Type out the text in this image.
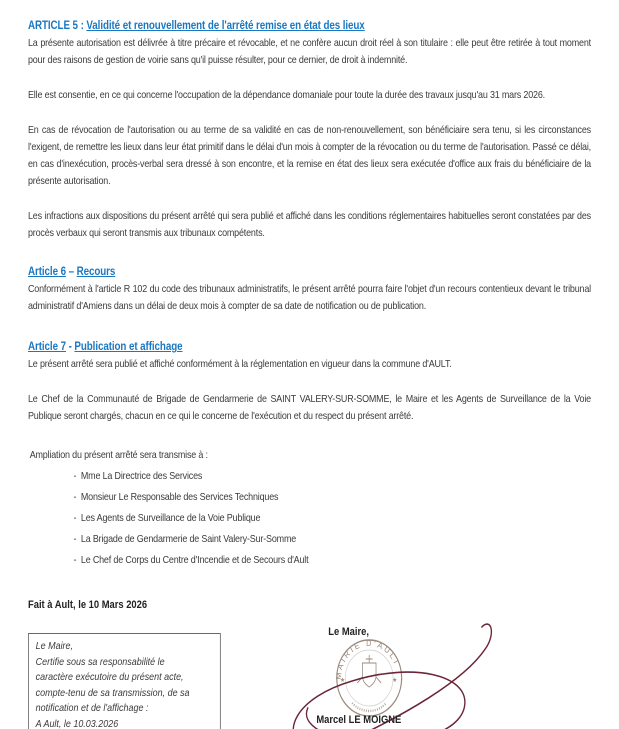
ARTICLE 5 : Validité et renouvellement de l'arrêté remise en état des lieux

La présente autorisation est délivrée à titre précaire et révocable, et ne confère aucun droit réel à son titulaire : elle peut être retirée à tout moment pour des raisons de gestion de voirie sans qu'il puisse résulter, pour ce dernier, de droit à indemnité.

Elle est consentie, en ce qui concerne l'occupation de la dépendance domaniale pour toute la durée des travaux jusqu'au 31 mars 2026.

En cas de révocation de l'autorisation ou au terme de sa validité en cas de non-renouvellement, son bénéficiaire sera tenu, si les circonstances l'exigent, de remettre les lieux dans leur état primitif dans le délai d'un mois à compter de la révocation ou du terme de l'autorisation. Passé ce délai, en cas d'inexécution, procès-verbal sera dressé à son encontre, et la remise en état des lieux sera exécutée d'office aux frais du bénéficiaire de la présente autorisation.

Les infractions aux dispositions du présent arrêté qui sera publié et affiché dans les conditions réglementaires habituelles seront constatées par des procès verbaux qui seront transmis aux tribunaux compétents.

Article 6 – Recours

Conformément à l'article R 102 du code des tribunaux administratifs, le présent arrêté pourra faire l'objet d'un recours contentieux devant le tribunal administratif d'Amiens dans un délai de deux mois à compter de sa date de notification ou de publication.

Article 7 - Publication et affichage

Le présent arrêté sera publié et affiché conformément à la réglementation en vigueur dans la commune d'AULT.

Le Chef de la Communauté de Brigade de Gendarmerie de SAINT VALERY-SUR-SOMME, le Maire et les Agents de Surveillance de la Voie Publique seront chargés, chacun en ce qui le concerne de l'exécution et du respect du présent arrêté.

Ampliation du présent arrêté sera transmise à :
- Mme La Directrice des Services
- Monsieur Le Responsable des Services Techniques
- Les Agents de Surveillance de la Voie Publique
- La Brigade de Gendarmerie de Saint Valery-Sur-Somme
- Le Chef de Corps du Centre d'Incendie et de Secours d'Ault
Fait à Ault, le 10 Mars 2026
Le Maire,
Certifie sous sa responsabilité le
caractère exécutoire du présent acte,
compte-tenu de sa transmission, de sa
notification et de l'affichage :
A Ault, le 10.03.2026
Le Maire,
MAIRIE D'AULT
★	★
Marcel LE MOIGNE
